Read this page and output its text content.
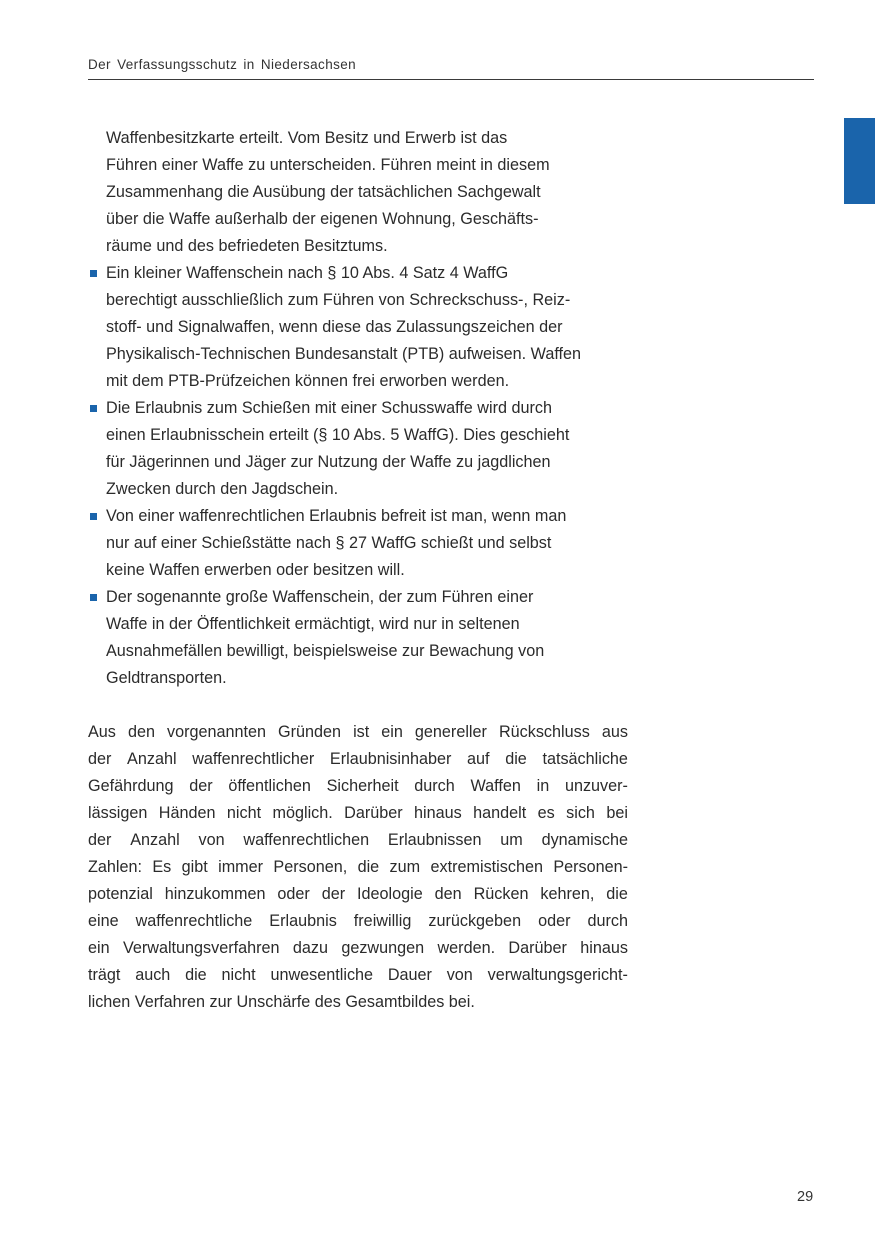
Der Verfassungsschutz in Niedersachsen
Waffenbesitzkarte erteilt. Vom Besitz und Erwerb ist das
Führen einer Waffe zu unterscheiden. Führen meint in diesem
Zusammenhang die Ausübung der tatsächlichen Sachgewalt
über die Waffe außerhalb der eigenen Wohnung, Geschäfts-
räume und des befriedeten Besitztums.
Ein kleiner Waffenschein nach § 10 Abs. 4 Satz 4 WaffG
berechtigt ausschließlich zum Führen von Schreckschuss-, Reiz-
stoff- und Signalwaffen, wenn diese das Zulassungszeichen der
Physikalisch-Technischen Bundesanstalt (PTB) aufweisen. Waffen
mit dem PTB-Prüfzeichen können frei erworben werden.
Die Erlaubnis zum Schießen mit einer Schusswaffe wird durch
einen Erlaubnisschein erteilt (§ 10 Abs. 5 WaffG). Dies geschieht
für Jägerinnen und Jäger zur Nutzung der Waffe zu jagdlichen
Zwecken durch den Jagdschein.
Von einer waffenrechtlichen Erlaubnis befreit ist man, wenn man
nur auf einer Schießstätte nach § 27 WaffG schießt und selbst
keine Waffen erwerben oder besitzen will.
Der sogenannte große Waffenschein, der zum Führen einer
Waffe in der Öffentlichkeit ermächtigt, wird nur in seltenen
Ausnahmefällen bewilligt, beispielsweise zur Bewachung von
Geldtransporten.
Aus den vorgenannten Gründen ist ein genereller Rückschluss aus
der Anzahl waffenrechtlicher Erlaubnisinhaber auf die tatsächliche
Gefährdung der öffentlichen Sicherheit durch Waffen in unzuver-
lässigen Händen nicht möglich. Darüber hinaus handelt es sich bei
der Anzahl von waffenrechtlichen Erlaubnissen um dynamische
Zahlen: Es gibt immer Personen, die zum extremistischen Personen-
potenzial hinzukommen oder der Ideologie den Rücken kehren, die
eine waffenrechtliche Erlaubnis freiwillig zurückgeben oder durch
ein Verwaltungsverfahren dazu gezwungen werden. Darüber hinaus
trägt auch die nicht unwesentliche Dauer von verwaltungsgericht-
lichen Verfahren zur Unschärfe des Gesamtbildes bei.
29
